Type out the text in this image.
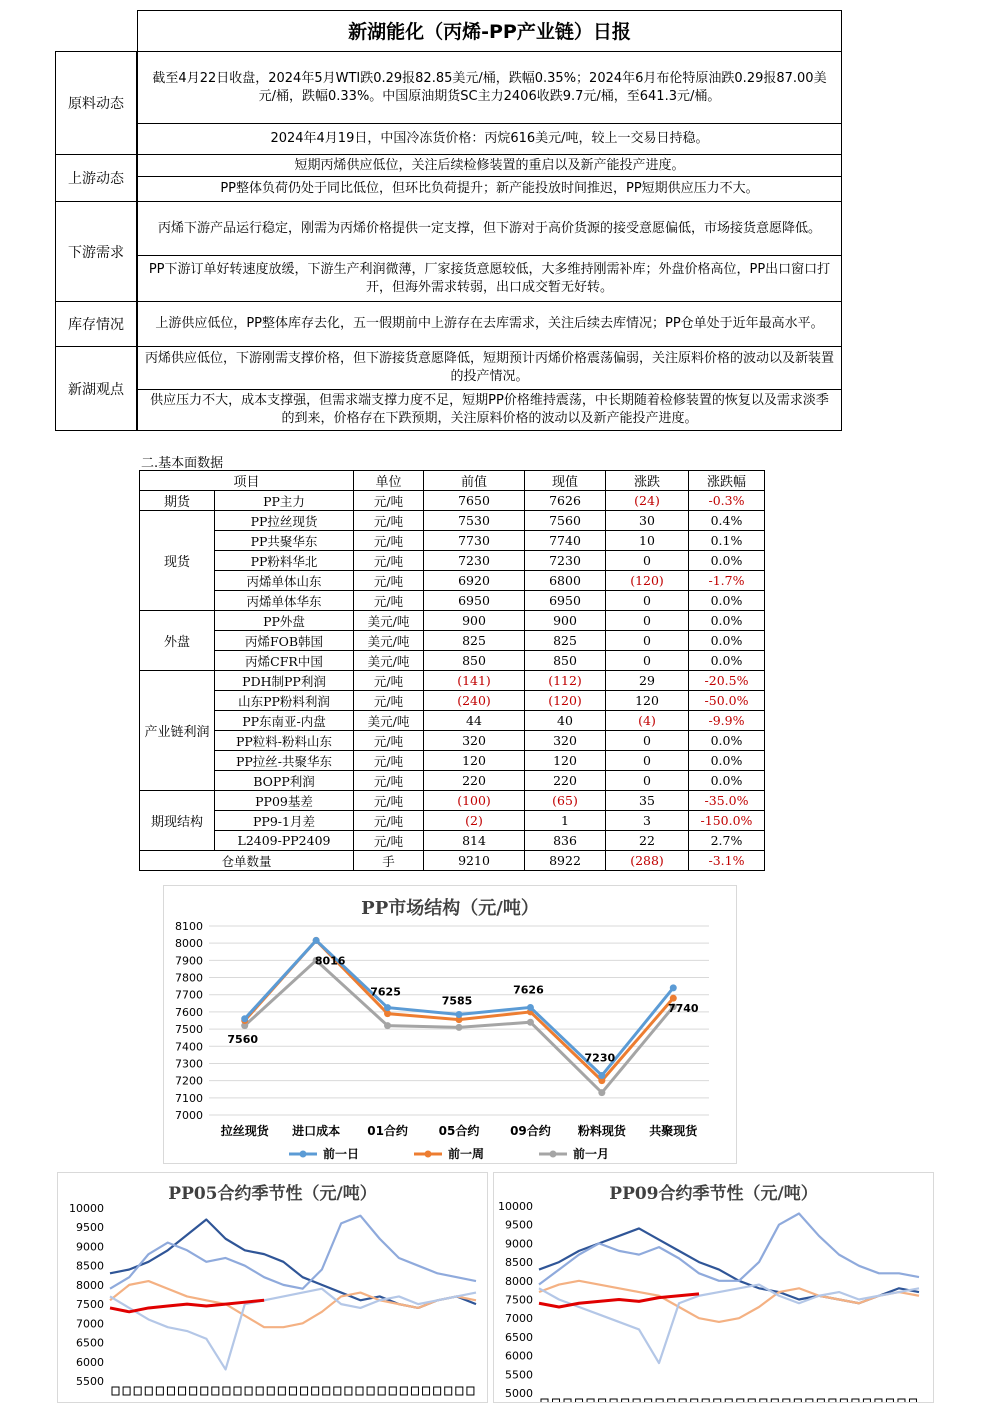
新湖能化（丙烯-PP产业链）日报
原料动态
截至4月22日收盘，2024年5月WTI跌0.29报82.85美元/桶，跌幅0.35%；2024年6月布伦特原油跌0.29报87.00美元/桶，跌幅0.33%。中国原油期货SC主力2406收跌9.7元/桶，至641.3元/桶。
2024年4月19日，中国冷冻货价格：丙烷616美元/吨，较上一交易日持稳。
上游动态
短期丙烯供应低位，关注后续检修装置的重启以及新产能投产进度。
PP整体负荷仍处于同比低位，但环比负荷提升；新产能投放时间推迟，PP短期供应压力不大。
下游需求
丙烯下游产品运行稳定，刚需为丙烯价格提供一定支撑，但下游对于高价货源的接受意愿偏低，市场接货意愿降低。
PP下游订单好转速度放缓，下游生产利润微薄，厂家接货意愿较低，大多维持刚需补库；外盘价格高位，PP出口窗口打开，但海外需求转弱，出口成交暂无好转。
库存情况	上游供应低位，PP整体库存去化，五一假期前中上游存在去库需求，关注后续去库情况；PP仓单处于近年最高水平。
新湖观点
丙烯供应低位，下游刚需支撑价格，但下游接货意愿降低，短期预计丙烯价格震荡偏弱，关注原料价格的波动以及新装置的投产情况。
供应压力不大，成本支撑强，但需求端支撑力度不足，短期PP价格维持震荡，中长期随着检修装置的恢复以及需求淡季的到来，价格存在下跌预期，关注原料价格的波动以及新产能投产进度。
二.基本面数据
项目		单位	前值	现值	涨跌	涨跌幅
期货	PP主力	元/吨	7650	7626	(24)	-0.3%
现货	PP拉丝现货	元/吨	7530	7560	30	0.4%
	PP共聚华东	元/吨	7730	7740	10	0.1%
	PP粉料华北	元/吨	7230	7230	0	0.0%
	丙烯单体山东	元/吨	6920	6800	(120)	-1.7%
	丙烯单体华东	元/吨	6950	6950	0	0.0%
外盘	PP外盘	美元/吨	900	900	0	0.0%
	丙烯FOB韩国	美元/吨	825	825	0	0.0%
	丙烯CFR中国	美元/吨	850	850	0	0.0%
产业链利润	PDH制PP利润	元/吨	(141)	(112)	29	-20.5%
	山东PP粉料利润	元/吨	(240)	(120)	120	-50.0%
	PP东南亚-内盘	美元/吨	44	40	(4)	-9.9%
	PP粒料-粉料山东	元/吨	320	320	0	0.0%
	PP拉丝-共聚华东	元/吨	120	120	0	0.0%
	BOPP利润	元/吨	220	220	0	0.0%
期现结构	PP09基差	元/吨	(100)	(65)	35	-35.0%
	PP9-1月差	元/吨	(2)	1	3	-150.0%
	L2409-PP2409	元/吨	814	836	22	2.7%
仓单数量		手	9210	8922	(288)	-3.1%
PP市场结构（元/吨）
7000
7100
7200
7300
7400
7500
7600
7700
7800
7900
8000
8100
拉丝现货 进口成本 01合约	05合约	09合约 粉料现货 共聚现货
7560
8016
7625
7585
7626
7230
7740
前一日	前一周	前一月
PP05合约季节性（元/吨）
5500
6000
6500
7000
7500
8000
8500
9000
9500
10000
PP09合约季节性（元/吨）
5000
5500
6000
6500
7000
7500
8000
8500
9000
9500
10000
